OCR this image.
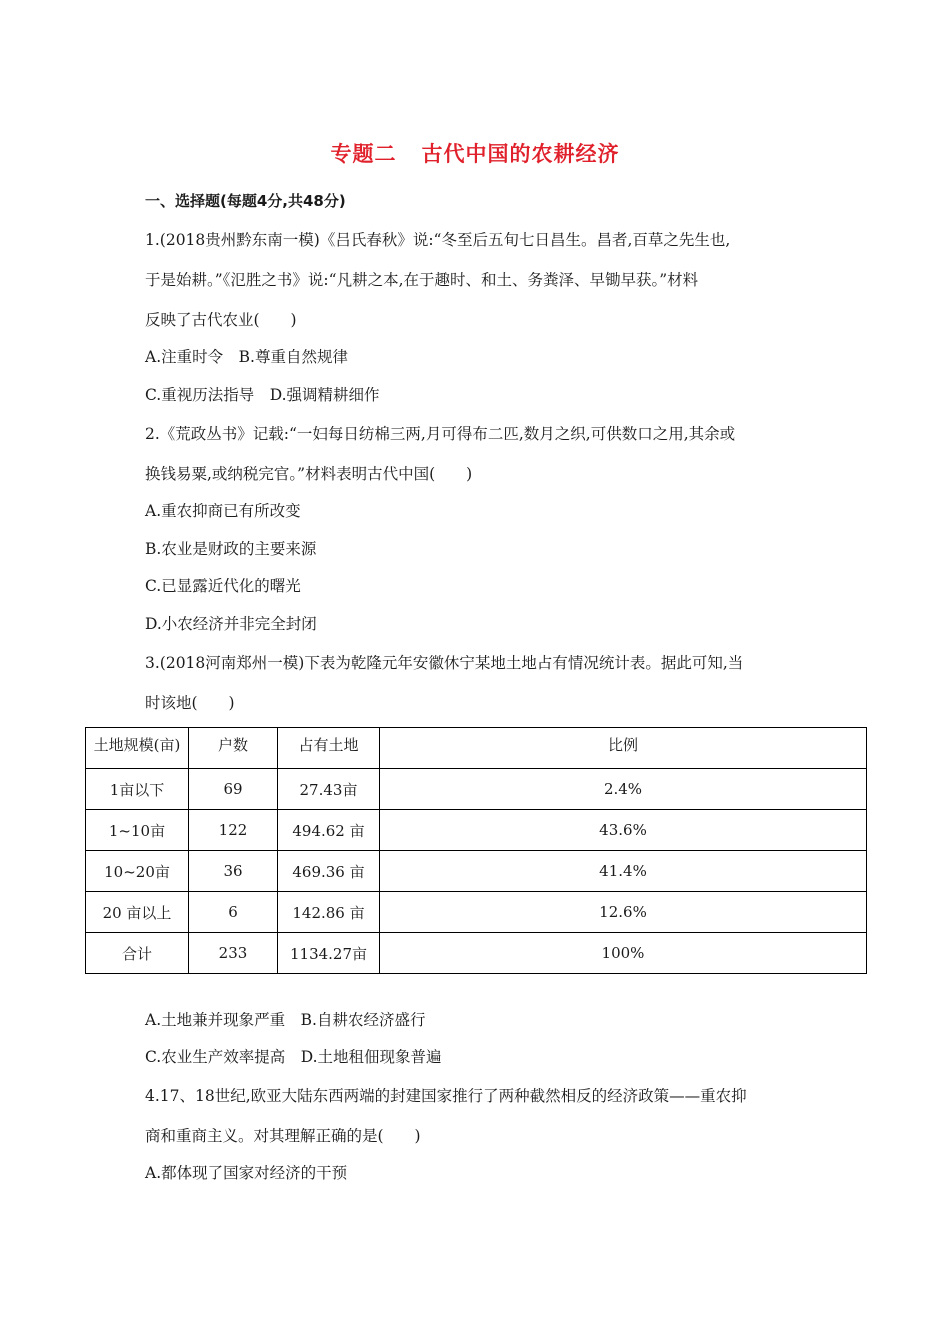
专题二   古代中国的农耕经济
一、选择题(每题4分,共48分)
1.(2018贵州黔东南一模)《吕氏春秋》说:“冬至后五旬七日昌生。昌者,百草之先生也,
于是始耕。”《氾胜之书》说:“凡耕之本,在于趣时、和土、务粪泽、早锄早获。”材料
反映了古代农业(　　)
A.注重时令　B.尊重自然规律
C.重视历法指导　D.强调精耕细作
2.《荒政丛书》记载:“一妇每日纺棉三两,月可得布二匹,数月之织,可供数口之用,其余或
换钱易粟,或纳税完官。”材料表明古代中国(　　)
A.重农抑商已有所改变
B.农业是财政的主要来源
C.已显露近代化的曙光
D.小农经济并非完全封闭
3.(2018河南郑州一模)下表为乾隆元年安徽休宁某地土地占有情况统计表。据此可知,当
时该地(　　)
土地规模(亩)	户数	占有土地	比例
1亩以下	69	27.43亩	2.4%
1~10亩	122	494.62 亩	43.6%
10~20亩	36	469.36 亩	41.4%
20 亩以上	6	142.86 亩	12.6%
合计	233	1134.27亩	100%
A.土地兼并现象严重　B.自耕农经济盛行
C.农业生产效率提高　D.土地租佃现象普遍
4.17、18世纪,欧亚大陆东西两端的封建国家推行了两种截然相反的经济政策——重农抑
商和重商主义。对其理解正确的是(　　)
A.都体现了国家对经济的干预
